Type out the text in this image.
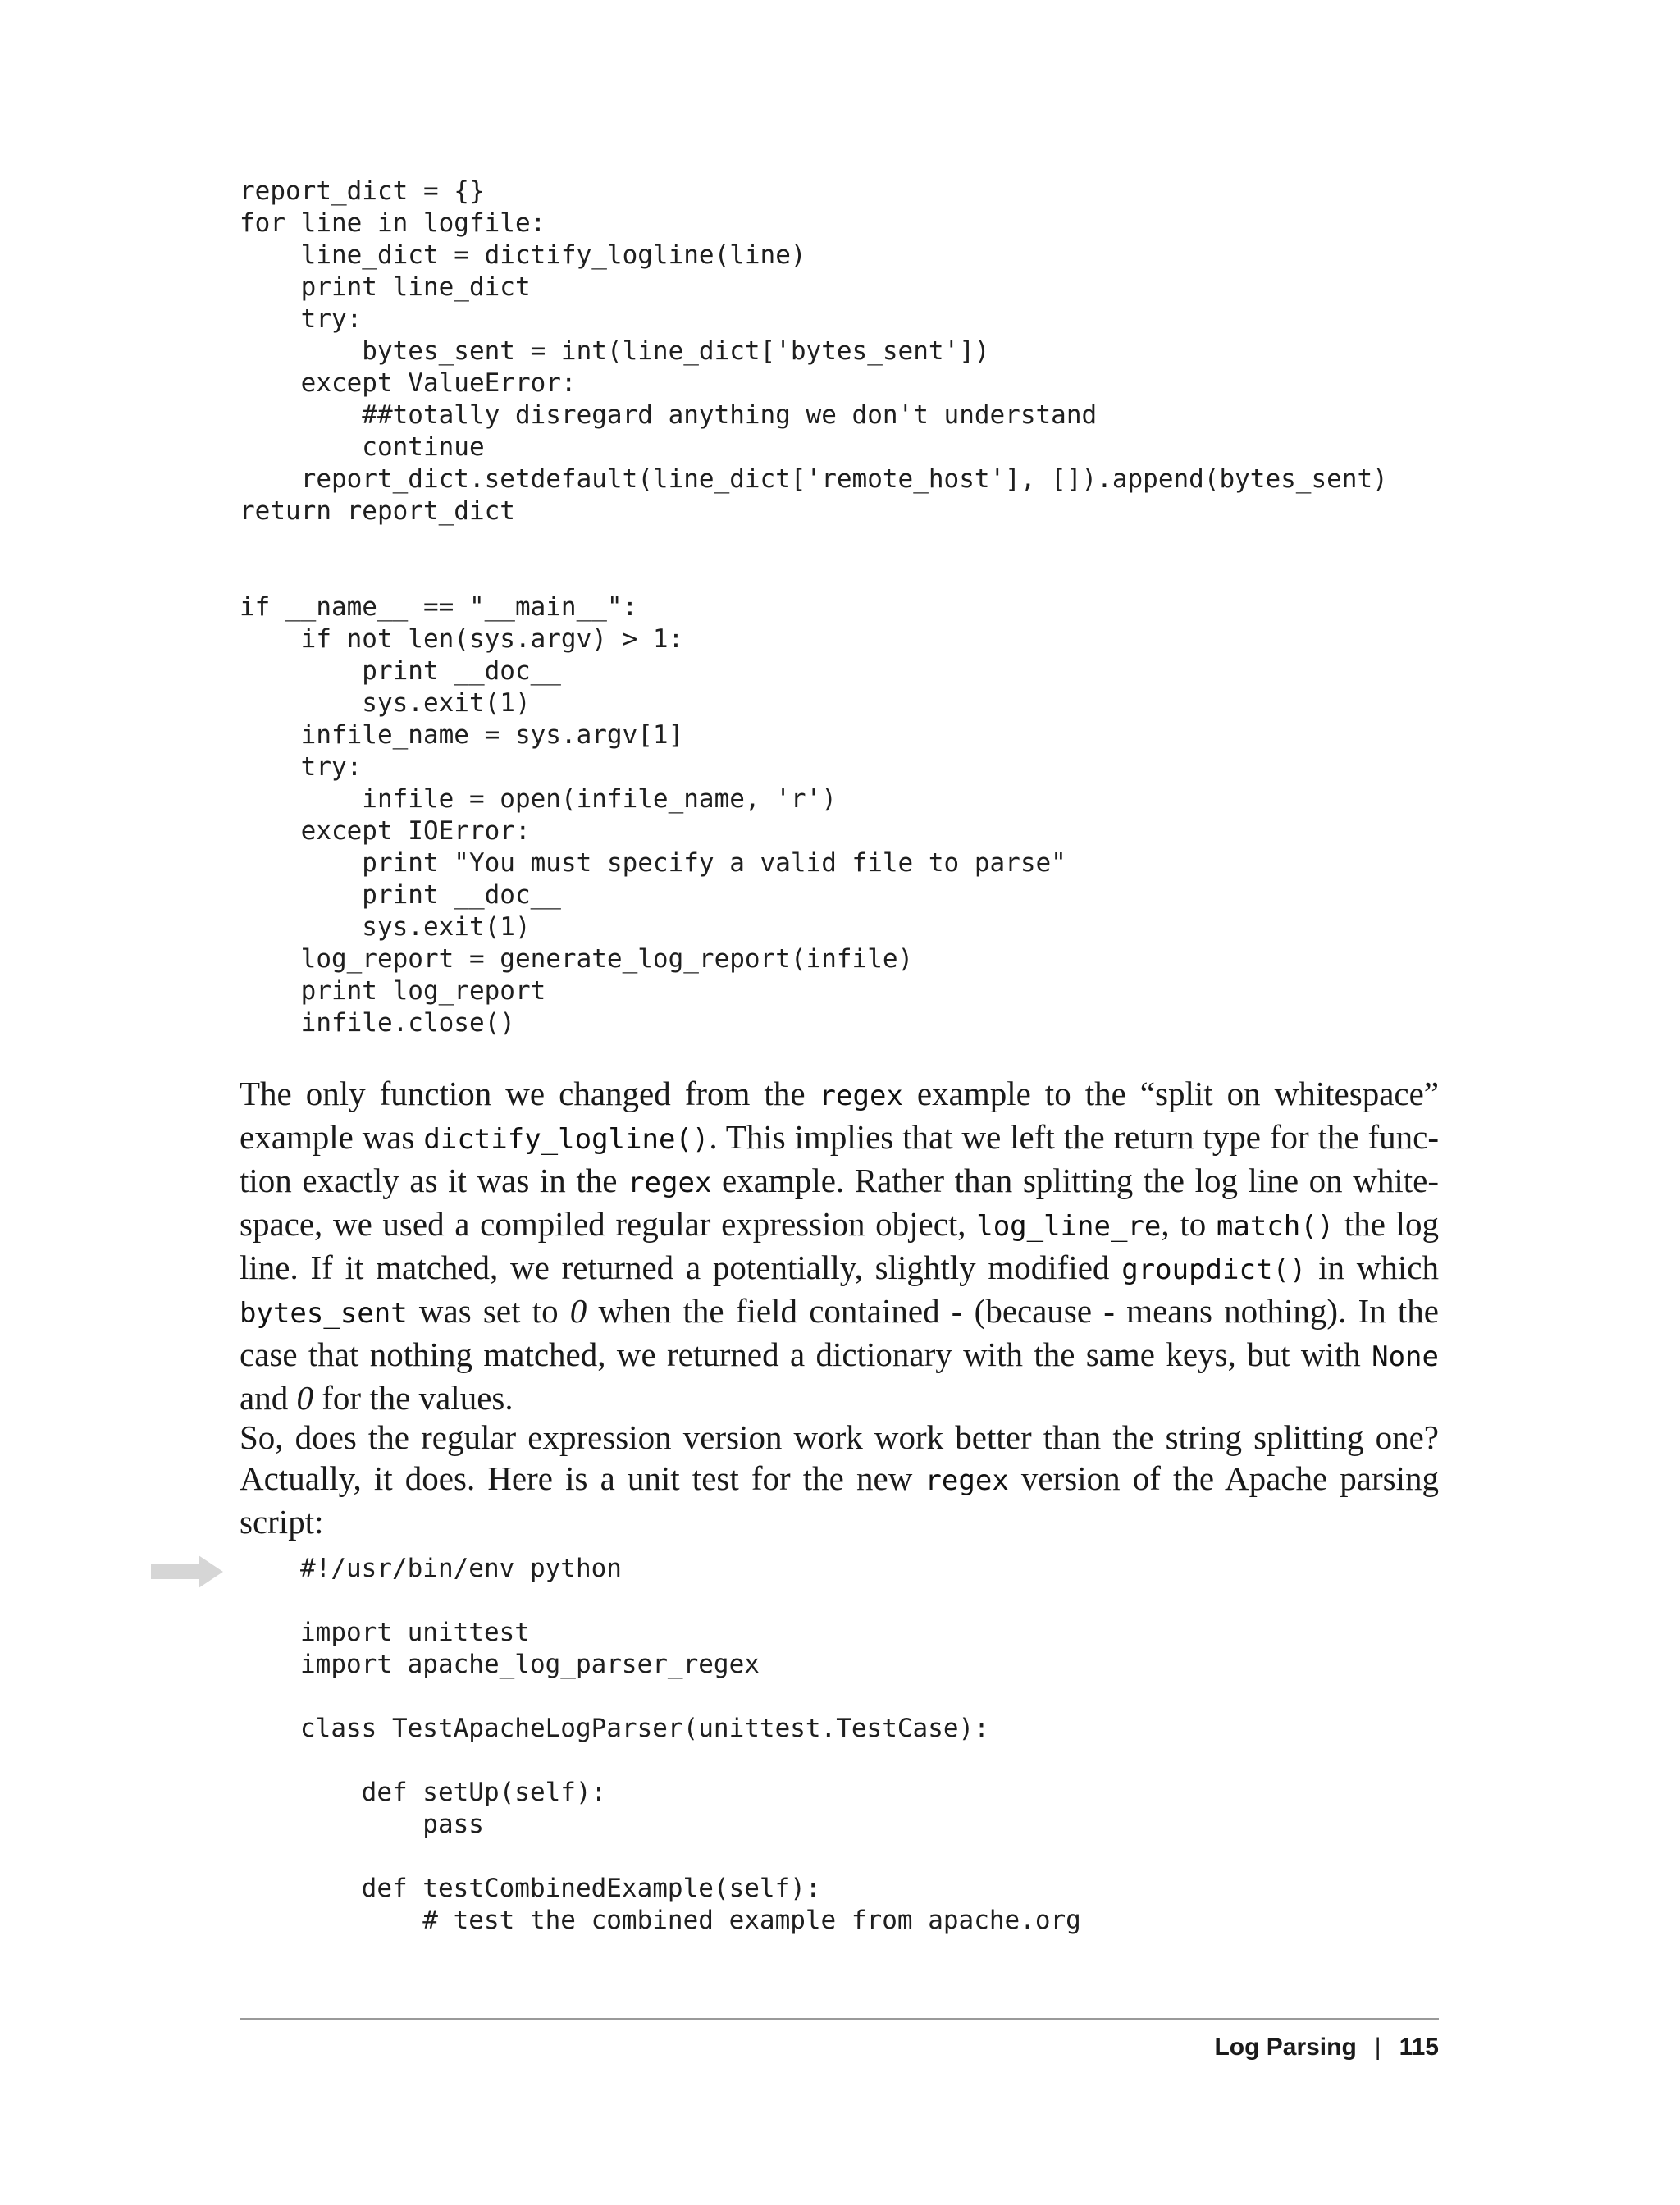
report_dict = {}
for line in logfile:
line_dict = dictify_logline(line)
print line_dict
try:
bytes_sent = int(line_dict['bytes_sent'])
except ValueError:
##totally disregard anything we don't understand
continue
report_dict.setdefault(line_dict['remote_host'], []).append(bytes_sent)
return report_dict
if __name__ == "__main__":
if not len(sys.argv) > 1:
print __doc__
sys.exit(1)
infile_name = sys.argv[1]
try:
infile = open(infile_name, 'r')
except IOError:
print "You must specify a valid file to parse"
print __doc__
sys.exit(1)
log_report = generate_log_report(infile)
print log_report
infile.close()

The only function we changed from the regex example to the “split on whitespace” example was dictify_logline(). This implies that we left the return type for the function exactly as it was in the regex example. Rather than splitting the log line on whitespace, we used a compiled regular expression object, log_line_re, to match() the log line. If it matched, we returned a potentially, slightly modified groupdict() in which bytes_sent was set to 0 when the field contained - (because - means nothing). In the case that nothing matched, we returned a dictionary with the same keys, but with None and 0 for the values.

So, does the regular expression version work work better than the string splitting one? Actually, it does. Here is a unit test for the new regex version of the Apache parsing script:

#!/usr/bin/env python
import unittest
import apache_log_parser_regex
class TestApacheLogParser(unittest.TestCase):
def setUp(self):
pass
def testCombinedExample(self):
# test the combined example from apache.org
Log Parsing | 115
